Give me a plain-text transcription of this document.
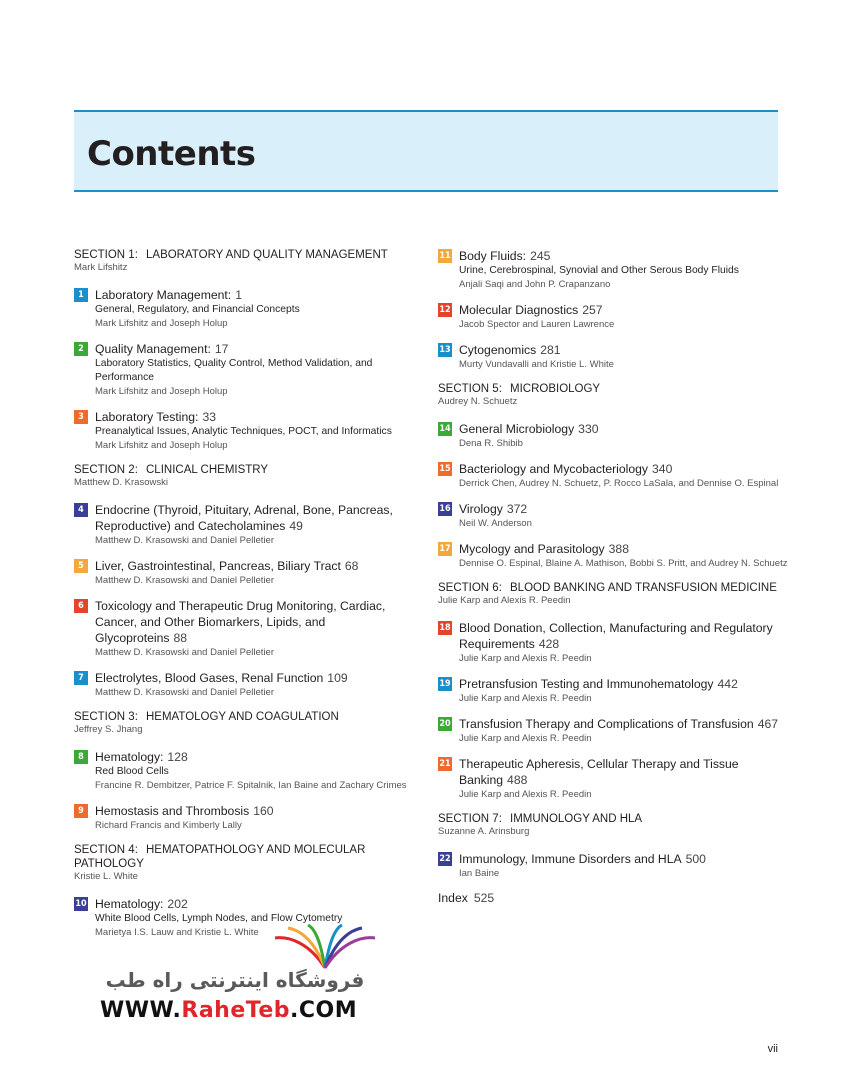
Contents
SECTION 1: LABORATORY AND QUALITY MANAGEMENT
Mark Lifshitz
1 Laboratory Management: 1
General, Regulatory, and Financial Concepts
Mark Lifshitz and Joseph Holup
2 Quality Management: 17
Laboratory Statistics, Quality Control, Method Validation, and Performance
Mark Lifshitz and Joseph Holup
3 Laboratory Testing: 33
Preanalytical Issues, Analytic Techniques, POCT, and Informatics
Mark Lifshitz and Joseph Holup
SECTION 2: CLINICAL CHEMISTRY
Matthew D. Krasowski
4 Endocrine (Thyroid, Pituitary, Adrenal, Bone, Pancreas, Reproductive) and Catecholamines 49
Matthew D. Krasowski and Daniel Pelletier
5 Liver, Gastrointestinal, Pancreas, Biliary Tract 68
Matthew D. Krasowski and Daniel Pelletier
6 Toxicology and Therapeutic Drug Monitoring, Cardiac, Cancer, and Other Biomarkers, Lipids, and Glycoproteins 88
Matthew D. Krasowski and Daniel Pelletier
7 Electrolytes, Blood Gases, Renal Function 109
Matthew D. Krasowski and Daniel Pelletier
SECTION 3: HEMATOLOGY AND COAGULATION
Jeffrey S. Jhang
8 Hematology: 128
Red Blood Cells
Francine R. Dembitzer, Patrice F. Spitalnik, Ian Baine and Zachary Crimes
9 Hemostasis and Thrombosis 160
Richard Francis and Kimberly Lally
SECTION 4: HEMATOPATHOLOGY AND MOLECULAR PATHOLOGY
Kristie L. White
10 Hematology: 202
White Blood Cells, Lymph Nodes, and Flow Cytometry
Marietya I.S. Lauw and Kristie L. White
11 Body Fluids: 245
Urine, Cerebrospinal, Synovial and Other Serous Body Fluids
Anjali Saqi and John P. Crapanzano
12 Molecular Diagnostics 257
Jacob Spector and Lauren Lawrence
13 Cytogenomics 281
Murty Vundavalli and Kristie L. White
SECTION 5: MICROBIOLOGY
Audrey N. Schuetz
14 General Microbiology 330
Dena R. Shibib
15 Bacteriology and Mycobacteriology 340
Derrick Chen, Audrey N. Schuetz, P. Rocco LaSala, and Dennise O. Espinal
16 Virology 372
Neil W. Anderson
17 Mycology and Parasitology 388
Dennise O. Espinal, Blaine A. Mathison, Bobbi S. Pritt, and Audrey N. Schuetz
SECTION 6: BLOOD BANKING AND TRANSFUSION MEDICINE
Julie Karp and Alexis R. Peedin
18 Blood Donation, Collection, Manufacturing and Regulatory Requirements 428
Julie Karp and Alexis R. Peedin
19 Pretransfusion Testing and Immunohematology 442
Julie Karp and Alexis R. Peedin
20 Transfusion Therapy and Complications of Transfusion 467
Julie Karp and Alexis R. Peedin
21 Therapeutic Apheresis, Cellular Therapy and Tissue Banking 488
Julie Karp and Alexis R. Peedin
SECTION 7: IMMUNOLOGY AND HLA
Suzanne A. Arinsburg
22 Immunology, Immune Disorders and HLA 500
Ian Baine
Index 525
فروشگاه اینترنتی راه طب
WWW.RaheTeb.COM
vii
